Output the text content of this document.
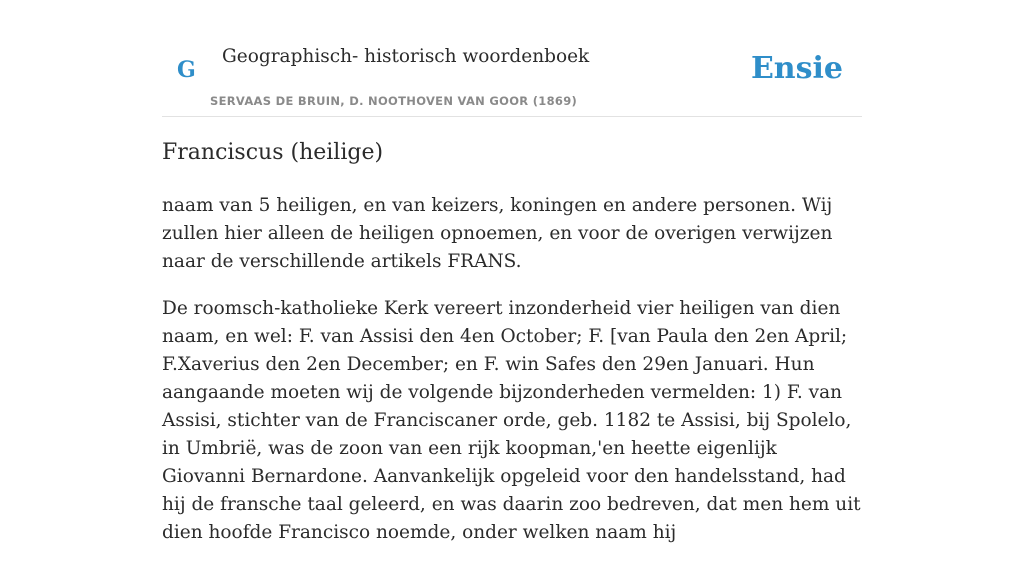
G
Geographisch- historisch woordenboek
SERVAAS DE BRUIN, D. NOOTHOVEN VAN GOOR (1869)
Ensie
Franciscus (heilige)

naam van 5 heiligen, en van keizers, koningen en andere personen. Wij zullen hier alleen de heiligen opnoemen, en voor de overigen verwijzen naar de verschillende artikels FRANS.

De roomsch-katholieke Kerk vereert inzonderheid vier heiligen van dien naam, en wel: F. van Assisi den 4en October; F. [van Paula den 2en April; F.Xaverius den 2en December; en F. win Safes den 29en Januari. Hun aangaande moeten wij de volgende bijzonderheden vermelden: 1) F. van Assisi, stichter van de Franciscaner orde, geb. 1182 te Assisi, bij Spolelo, in Umbrië, was de zoon van een rijk koopman,'en heette eigenlijk Giovanni Bernardone. Aanvankelijk opgeleid voor den handelsstand, had hij de fransche taal geleerd, en was daarin zoo bedreven, dat men hem uit dien hoofde Francisco noemde, onder welken naam hij
